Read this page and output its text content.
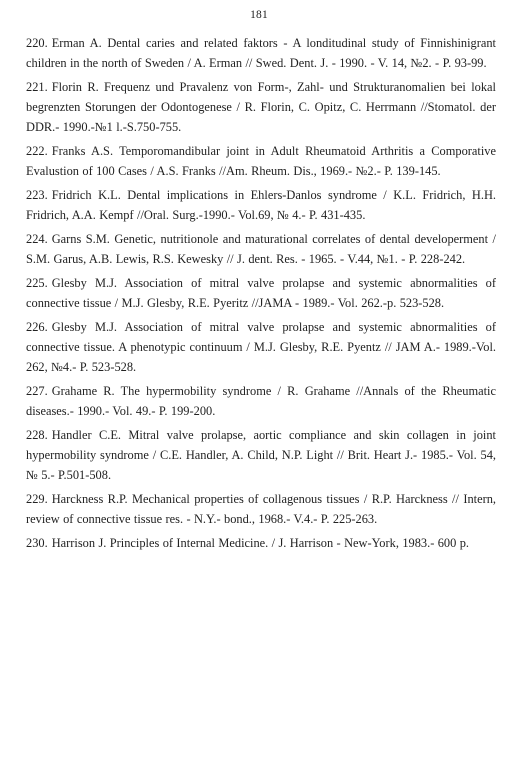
181
220. Erman A. Dental caries and related faktors - A londitudinal study of Finnishinigrant children in the north of Sweden / A. Erman // Swed. Dent. J. - 1990. - V. 14, №2. - P. 93-99.
221. Florin R. Frequenz und Pravalenz von Form-, Zahl- und Strukturanomalien bei lokal begrenzten Storungen der Odontogenese / R. Florin, C. Opitz, C. Herrmann //Stomatol. der DDR.- 1990.-№1 l.-S.750-755.
222. Franks A.S. Temporomandibular joint in Adult Rheumatoid Arthritis a Comporative Evalustion of 100 Cases / A.S. Franks //Am. Rheum. Dis., 1969.- №2.- P. 139-145.
223. Fridrich K.L. Dental implications in Ehlers-Danlos syndrome / K.L. Fridrich, H.H. Fridrich, A.A. Kempf //Oral. Surg.-1990.- Vol.69, № 4.- P. 431-435.
224. Garns S.M. Genetic, nutritionole and maturational correlates of dental developerment / S.M. Garus, A.B. Lewis, R.S. Kewesky // J. dent. Res. - 1965. - V.44, №1. - P. 228-242.
225. Glesby M.J. Association of mitral valve prolapse and systemic abnormalities of connective tissue / M.J. Glesby, R.E. Pyeritz //JAMA - 1989.- Vol. 262.-p. 523-528.
226. Glesby M.J. Association of mitral valve prolapse and systemic abnormalities of connective tissue. A phenotypic continuum / M.J. Glesby, R.E. Pyentz // JAM A.- 1989.-Vol. 262, №4.- P. 523-528.
227. Grahame R. The hypermobility syndrome / R. Grahame //Annals of the Rheumatic diseases.- 1990.- Vol. 49.- P. 199-200.
228. Handler C.E. Mitral valve prolapse, aortic compliance and skin collagen in joint hypermobility syndrome / C.E. Handler, A. Child, N.P. Light // Brit. Heart J.- 1985.- Vol. 54, № 5.- P.501-508.
229. Harckness R.P. Mechanical properties of collagenous tissues / R.P. Harckness // Intern, review of connective tissue res. - N.Y.- bond., 1968.- V.4.- P. 225-263.
230. Harrison J. Principles of Internal Medicine. / J. Harrison - New-York, 1983.- 600 p.
